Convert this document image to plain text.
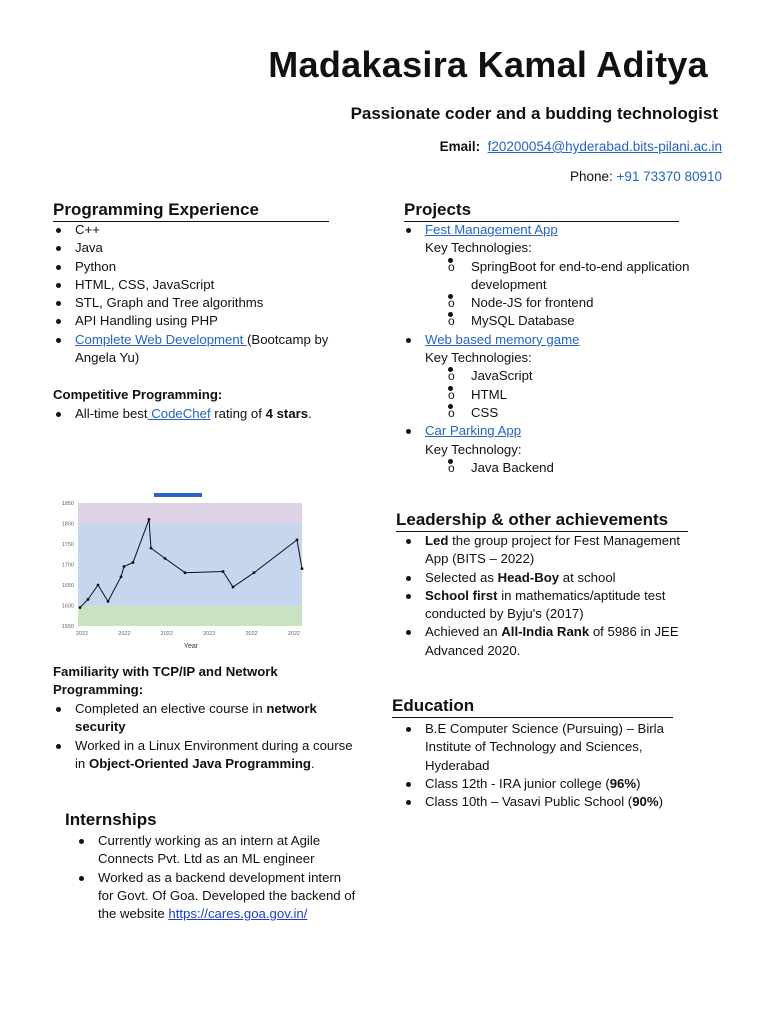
Madakasira Kamal Aditya
Passionate coder and a budding technologist
Email: f20200054@hyderabad.bits-pilani.ac.in
Phone: +91 73370 80910
Programming Experience
C++
Java
Python
HTML, CSS, JavaScript
STL, Graph and Tree algorithms
API Handling using PHP
Complete Web Development (Bootcamp by
Angela Yu)
Competitive Programming:
All-time best CodeChef rating of 4 stars.
1550
1600
1650
1700
1750
1800
1850
2022	2022	2022	2022	2022	2022
Year
Familiarity with TCP/IP and Network
Programming:
Completed an elective course in network
security
Worked in a Linux Environment during a course
in Object-Oriented Java Programming.
Internships
Currently working as an intern at Agile
Connects Pvt. Ltd as an ML engineer
Worked as a backend development intern
for Govt. Of Goa. Developed the backend of
the website https://cares.goa.gov.in/
Projects
Fest Management App
Key Technologies:
o SpringBoot for end-to-end application
development
o Node-JS for frontend
o MySQL Database
Web based memory game
Key Technologies:
o JavaScript
o HTML
o CSS
Car Parking App
Key Technology:
o Java Backend
Leadership & other achievements
Led the group project for Fest Management
App (BITS – 2022)
Selected as Head-Boy at school
School first in mathematics/aptitude test
conducted by Byju's (2017)
Achieved an All-India Rank of 5986 in JEE
Advanced 2020.
Education
B.E Computer Science (Pursuing) – Birla
Institute of Technology and Sciences,
Hyderabad
Class 12th - IRA junior college (96%)
Class 10th – Vasavi Public School (90%)
